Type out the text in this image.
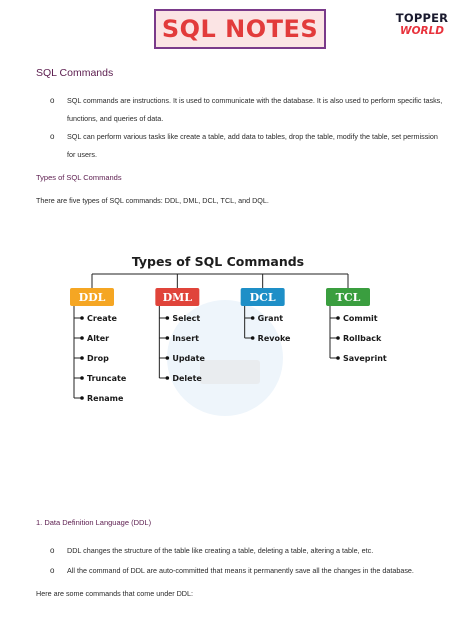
SQL NOTES	TOPPER
WORLD
SQL Commands
o SQL commands are instructions. It is used to communicate with the database. It is also used to perform specific tasks,
functions, and queries of data.
o SQL can perform various tasks like create a table, add data to tables, drop the table, modify the table, set permission
for users.
Types of SQL Commands
There are five types of SQL commands: DDL, DML, DCL, TCL, and DQL.
Types of SQL Commands
DDL
Create
Alter
Drop
Truncate
Rename
DML
Select
Insert
Update
Delete
DCL
Grant
Revoke
TCL
Commit
Rollback
Saveprint
1. Data Definition Language (DDL)
o DDL changes the structure of the table like creating a table, deleting a table, altering a table, etc.
o All the command of DDL are auto-committed that means it permanently save all the changes in the database.
Here are some commands that come under DDL:
